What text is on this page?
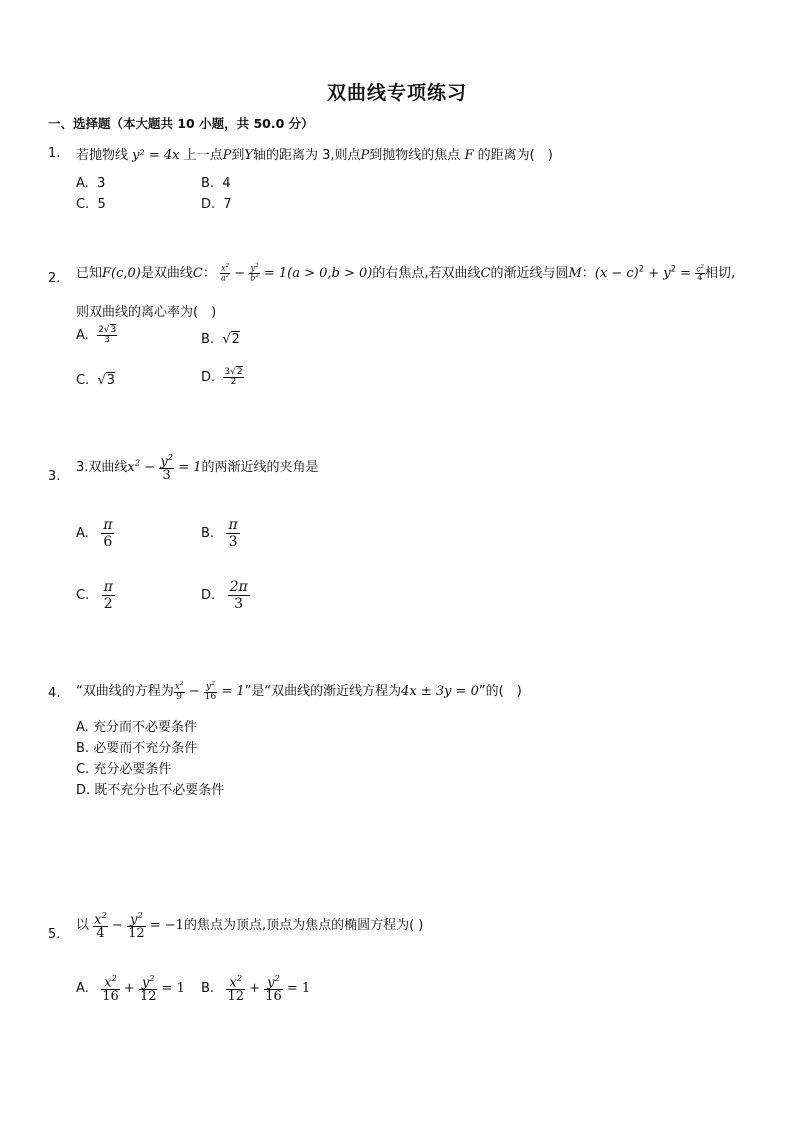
双曲线专项练习
一、选择题（本大题共 10 小题，共 50.0 分）
1. 若抛物线 y² = 4x 上一点P到Y轴的距离为 3,则点P到抛物线的焦点 F 的距离为(　)
A. 3	B. 4
C. 5	D. 7
2. 已知F(c,0)是双曲线C： $\frac{x^2}{a^2} - \frac{y^2}{b^2} = 1(a > 0,b > 0)$的右焦点,若双曲线C的渐近线与圆M：$(x - c)^2 + y^2 = \frac{c^2}{4}$ 相切,
则双曲线的离心率为(　)
A. $\frac{2√3}{3}$	B. √2
C. √3	D. $\frac{3√2}{2}$
3.
3.双曲线$x^2 - \frac{y^2}{3} = 1$的两渐近线的夹角是
A. $\frac{\pi}{6}$	B. $\frac{\pi}{3}$
C. $\frac{\pi}{2}$	D. $\frac{2\pi}{3}$
4. “双曲线的方程为 $\frac{x^2}{9} - \frac{y^2}{16} = 1$”是“双曲线的渐近线方程为4x ± 3y = 0”的(　)
A. 充分而不必要条件
B. 必要而不充分条件
C. 充分必要条件
D. 既不充分也不必要条件
5.
以 $\frac{x^2}{4} - \frac{y^2}{12} = -1$的焦点为顶点,顶点为焦点的椭圆方程为( )
A. $\frac{x^2}{16} + \frac{y^2}{12} = 1$ B. $\frac{x^2}{12} + \frac{y^2}{16} = 1$
